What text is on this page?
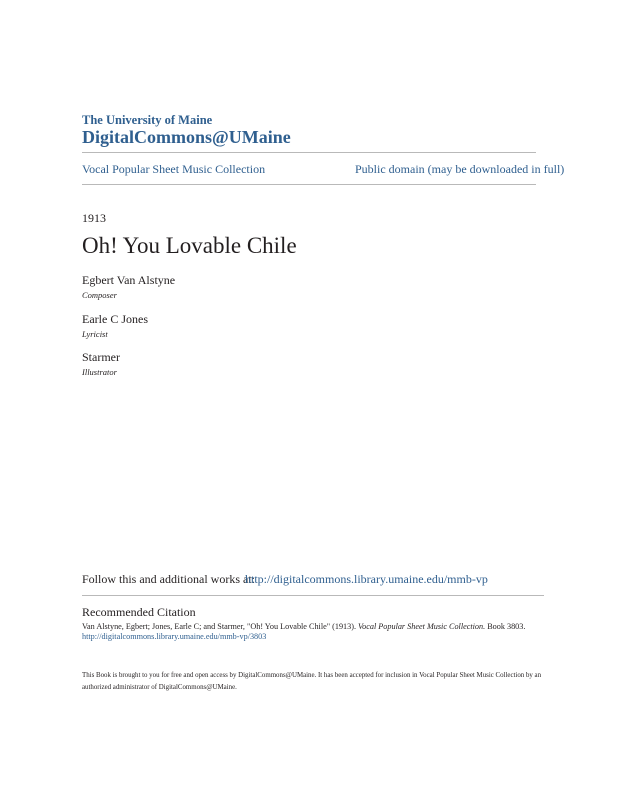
The University of Maine
DigitalCommons@UMaine
Vocal Popular Sheet Music Collection	Public domain (may be downloaded in full)
1913
Oh! You Lovable Chile
Egbert Van Alstyne
Composer
Earle C Jones
Lyricist
Starmer
Illustrator
Follow this and additional works at:
http://digitalcommons.library.umaine.edu/mmb-vp
Recommended Citation
Van Alstyne, Egbert; Jones, Earle C; and Starmer, "Oh! You Lovable Chile" (1913). Vocal Popular Sheet Music Collection. Book 3803.
http://digitalcommons.library.umaine.edu/mmb-vp/3803
This Book is brought to you for free and open access by DigitalCommons@UMaine. It has been accepted for inclusion in Vocal Popular Sheet Music Collection by an authorized administrator of DigitalCommons@UMaine.
